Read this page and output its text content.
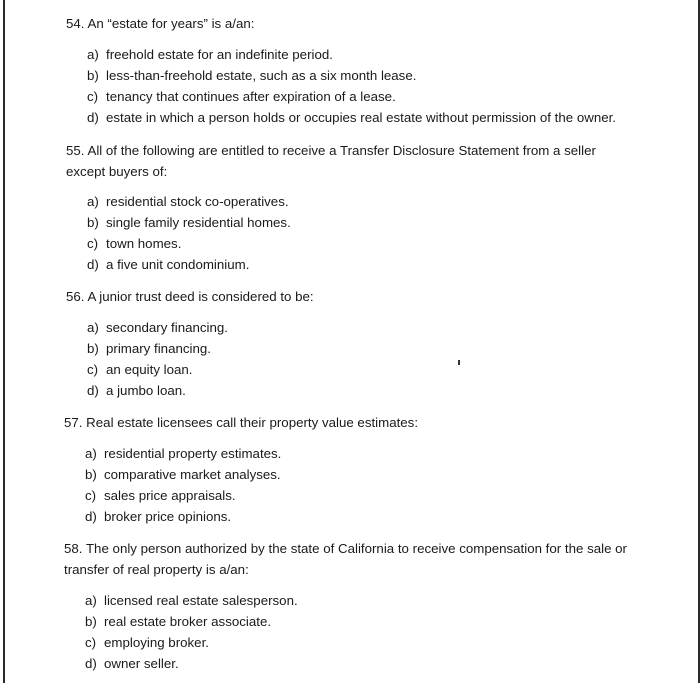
54. An “estate for years” is a/an:
a) freehold estate for an indefinite period.
b) less-than-freehold estate, such as a six month lease.
c) tenancy that continues after expiration of a lease.
d) estate in which a person holds or occupies real estate without permission of the owner.
55. All of the following are entitled to receive a Transfer Disclosure Statement from a seller except buyers of:
a) residential stock co-operatives.
b) single family residential homes.
c) town homes.
d) a five unit condominium.
56. A junior trust deed is considered to be:
a) secondary financing.
b) primary financing.
c) an equity loan.
d) a jumbo loan.
57. Real estate licensees call their property value estimates:
a) residential property estimates.
b) comparative market analyses.
c) sales price appraisals.
d) broker price opinions.
58. The only person authorized by the state of California to receive compensation for the sale or transfer of real property is a/an:
a) licensed real estate salesperson.
b) real estate broker associate.
c) employing broker.
d) owner seller.
